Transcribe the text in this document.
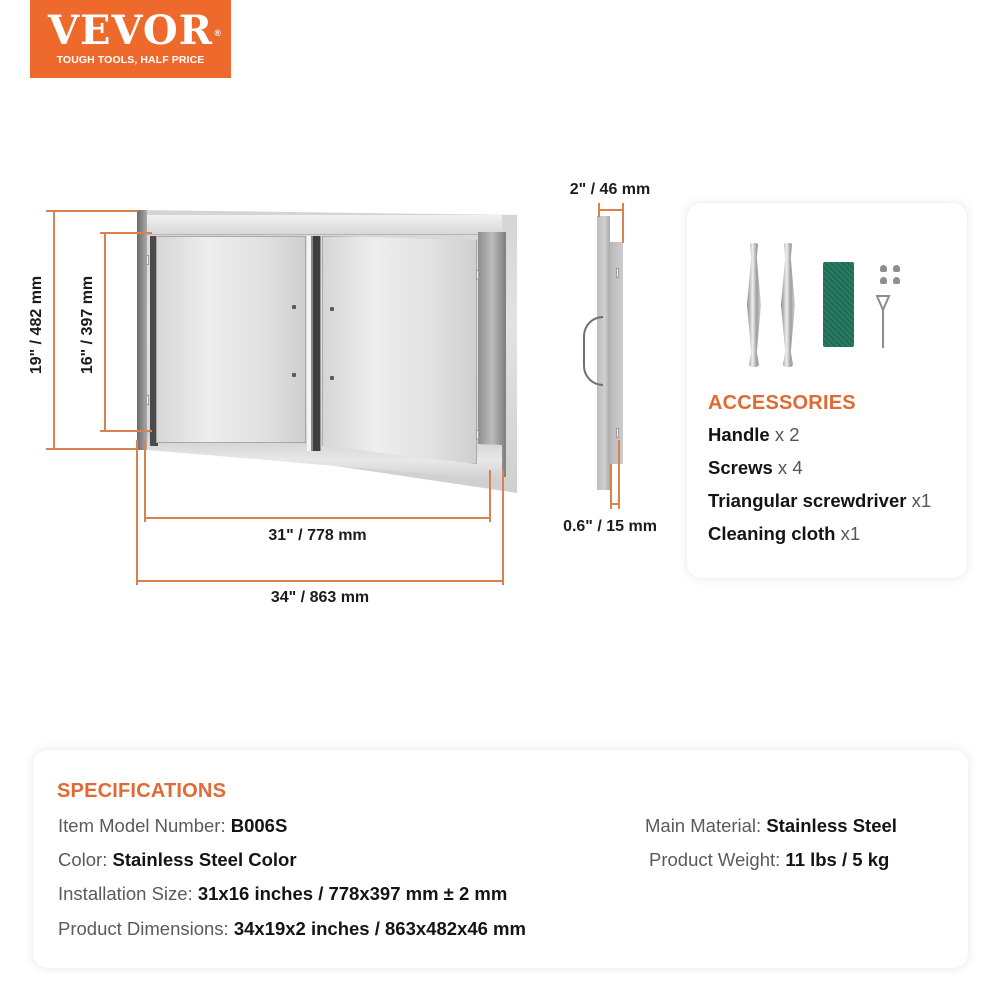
VEVOR ®
TOUGH TOOLS, HALF PRICE
19" / 482 mm 16" / 397 mm
31" / 778 mm
34" / 863 mm
2" / 46 mm
0.6" / 15 mm
ACCESSORIES
Handle x 2
Screws x 4
Triangular screwdriver x1
Cleaning cloth x1
SPECIFICATIONS
Item Model Number: B006S
Color: Stainless Steel Color
Installation Size: 31x16 inches / 778x397 mm ± 2 mm
Product Dimensions: 34x19x2 inches / 863x482x46 mm
Main Material: Stainless Steel
Product Weight: 11 lbs / 5 kg
